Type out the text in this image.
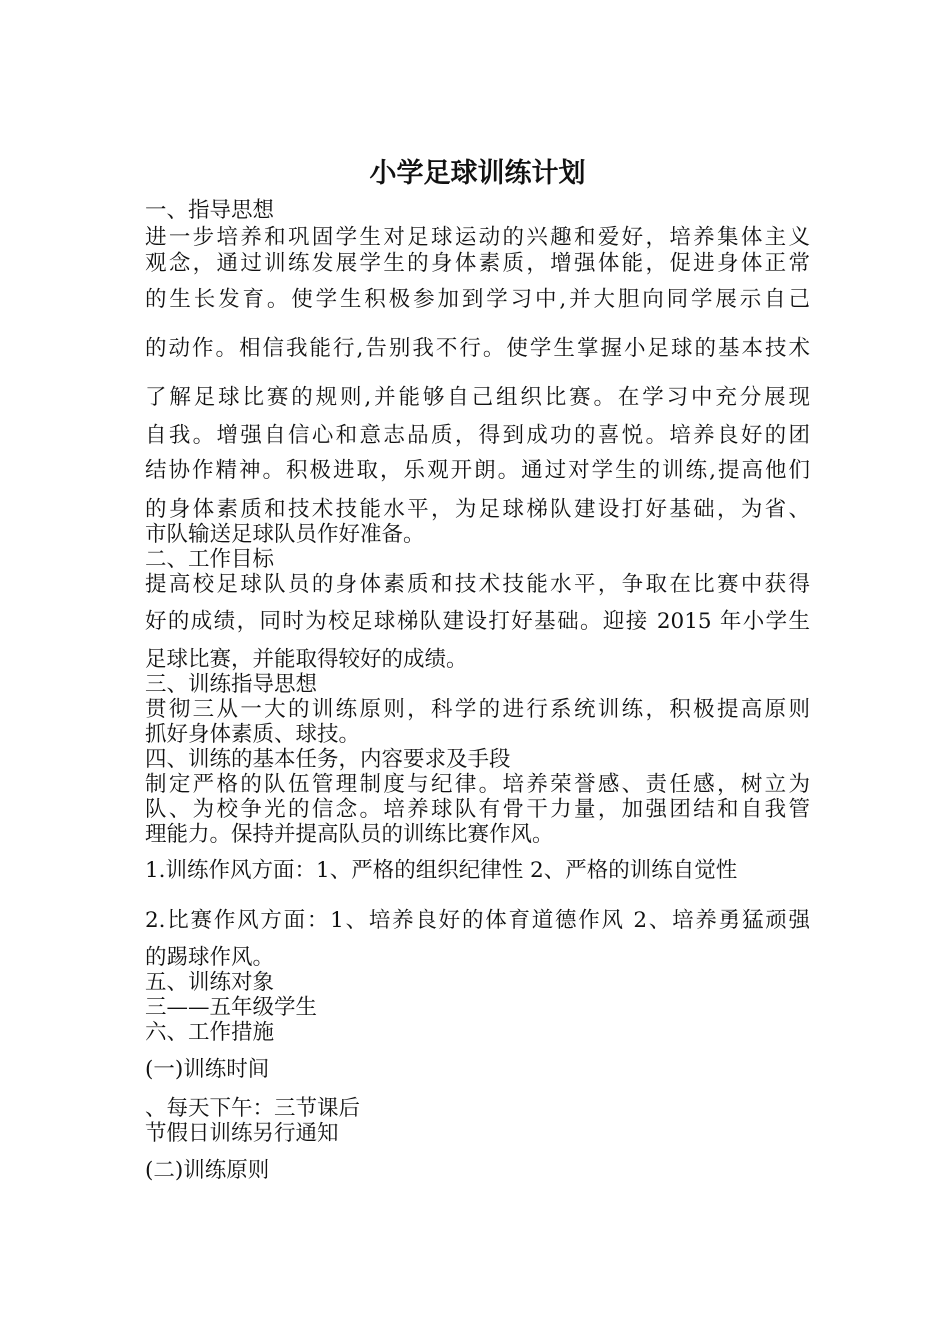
小学足球训练计划
一、指导思想
进一步培养和巩固学生对足球运动的兴趣和爱好，培养集体主义
观念，通过训练发展学生的身体素质，增强体能，促进身体正常
的生长发育。使学生积极参加到学习中,并大胆向同学展示自己
的动作。相信我能行,告别我不行。使学生掌握小足球的基本技术
了解足球比赛的规则,并能够自己组织比赛。在学习中充分展现
自我。增强自信心和意志品质，得到成功的喜悦。培养良好的团
结协作精神。积极进取，乐观开朗。通过对学生的训练,提高他们
的身体素质和技术技能水平，为足球梯队建设打好基础，为省、
市队输送足球队员作好准备。
二、工作目标
提高校足球队员的身体素质和技术技能水平，争取在比赛中获得
好的成绩，同时为校足球梯队建设打好基础。迎接 2015 年小学生
足球比赛，并能取得较好的成绩。
三、训练指导思想
贯彻三从一大的训练原则，科学的进行系统训练，积极提高原则
抓好身体素质、球技。
四、训练的基本任务，内容要求及手段
制定严格的队伍管理制度与纪律。培养荣誉感、责任感，树立为
队、为校争光的信念。培养球队有骨干力量，加强团结和自我管
理能力。保持并提高队员的训练比赛作风。
1.训练作风方面：1、严格的组织纪律性 2、严格的训练自觉性
2.比赛作风方面：1、培养良好的体育道德作风 2、培养勇猛顽强
的踢球作风。
五、训练对象
三——五年级学生
六、工作措施
(一)训练时间
、每天下午：三节课后
节假日训练另行通知
(二)训练原则
